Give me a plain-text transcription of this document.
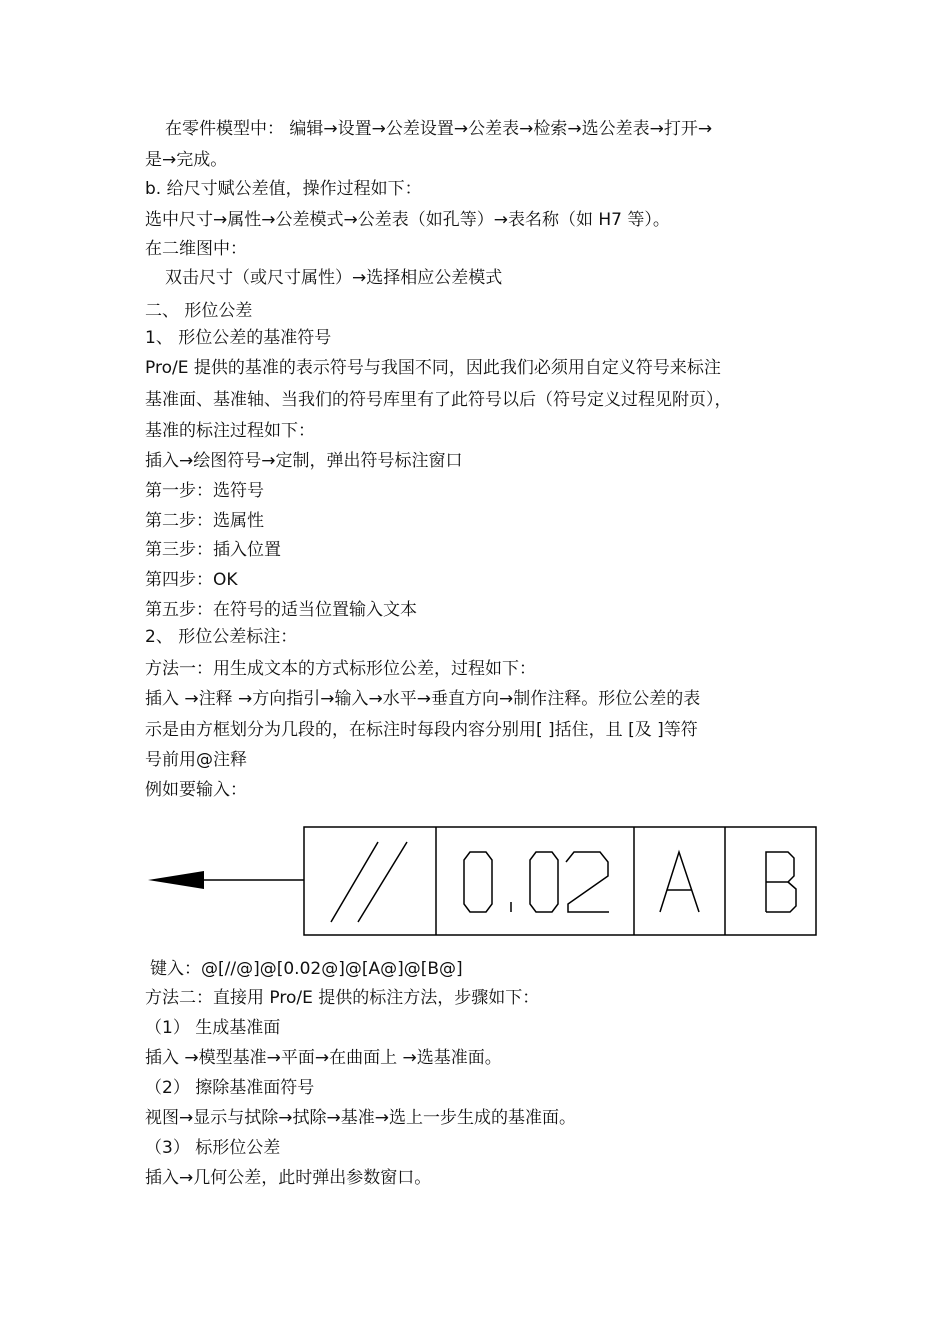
在零件模型中： 编辑→设置→公差设置→公差表→检索→选公差表→打开→
是→完成。
b. 给尺寸赋公差值，操作过程如下：
选中尺寸→属性→公差模式→公差表（如孔等）→表名称（如 H7 等）。
在二维图中：
双击尺寸（或尺寸属性）→选择相应公差模式
二、 形位公差
1、 形位公差的基准符号
Pro/E 提供的基准的表示符号与我国不同，因此我们必须用自定义符号来标注
基准面、基准轴、当我们的符号库里有了此符号以后（符号定义过程见附页），
基准的标注过程如下：
插入→绘图符号→定制，弹出符号标注窗口
第一步：选符号
第二步：选属性
第三步：插入位置
第四步：OK
第五步：在符号的适当位置输入文本
2、 形位公差标注：
方法一：用生成文本的方式标形位公差，过程如下：
插入 →注释 →方向指引→输入→水平→垂直方向→制作注释。形位公差的表
示是由方框划分为几段的，在标注时每段内容分别用[ ]括住，且 [及 ]等符
号前用@注释
例如要输入：
键入：@[//@]@[0.02@]@[A@]@[B@]
方法二：直接用 Pro/E 提供的标注方法，步骤如下：
（1） 生成基准面
插入 →模型基准→平面→在曲面上 →选基准面。
（2） 擦除基准面符号
视图→显示与拭除→拭除→基准→选上一步生成的基准面。
（3） 标形位公差
插入→几何公差，此时弹出参数窗口。
